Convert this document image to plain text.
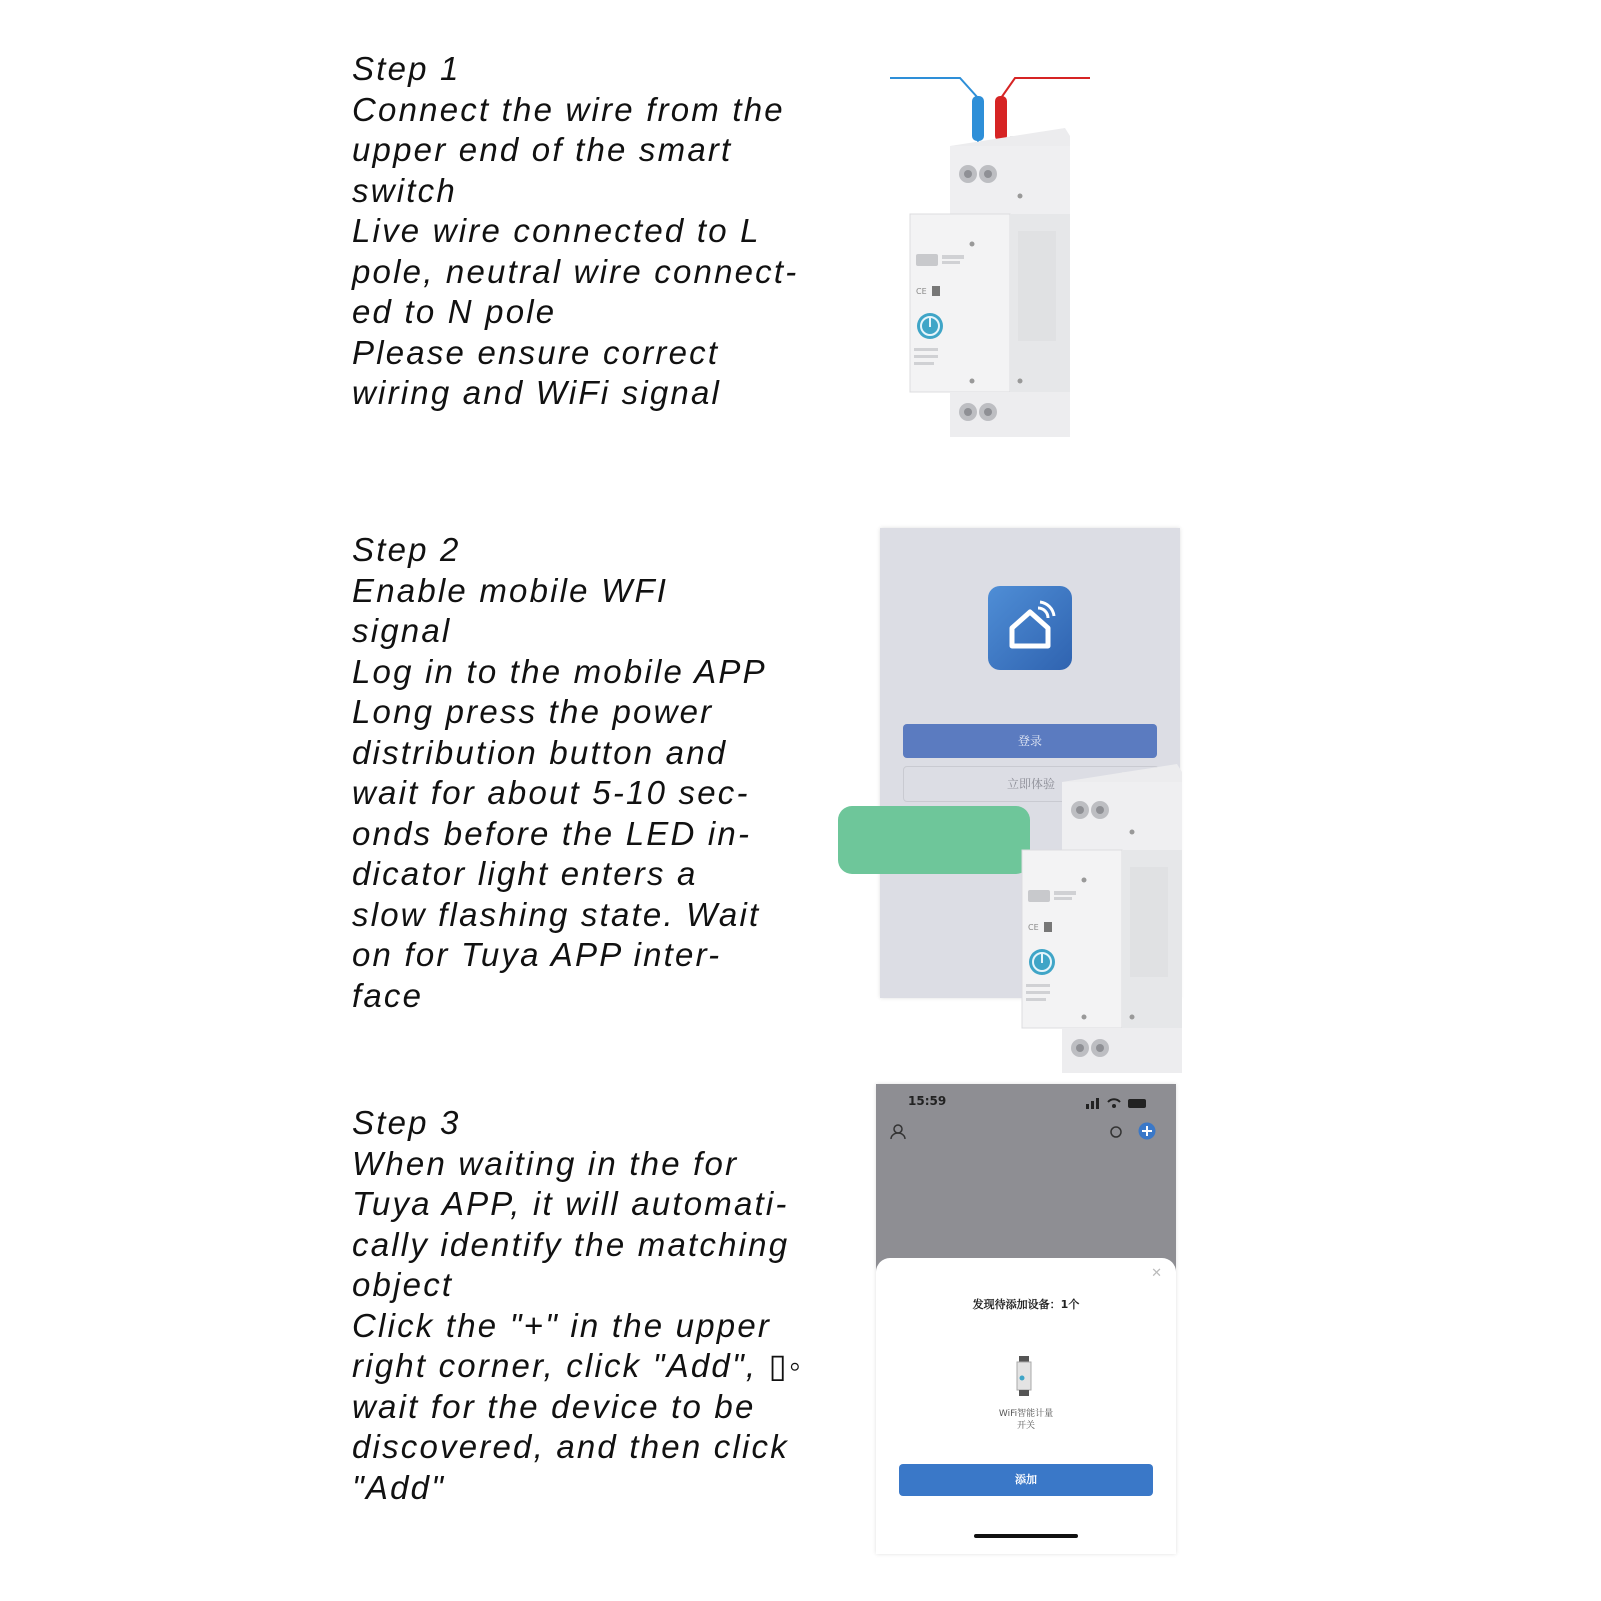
Step 1
Connect the wire from the
upper end of the smart
switch
Live wire connected to L
pole, neutral wire connect-
ed to N pole
Please ensure correct
wiring and WiFi signal
Step 2
Enable mobile WFI
signal
Log in to the mobile APP
Long press the power
distribution button and
wait for about 5-10 sec-
onds before the LED in-
dicator light enters a
slow flashing state. Wait
on for Tuya APP inter-
face
Step 3
When waiting in the for
Tuya APP, it will automati-
cally identify the matching
object
Click the "+" in the upper
right corner, click "Add", ▯◦
wait for the device to be
discovered, and then click
"Add"
CE
登录
立即体验
15:59
✕
发现待添加设备：1个
WiFi智能计量
开关
添加
